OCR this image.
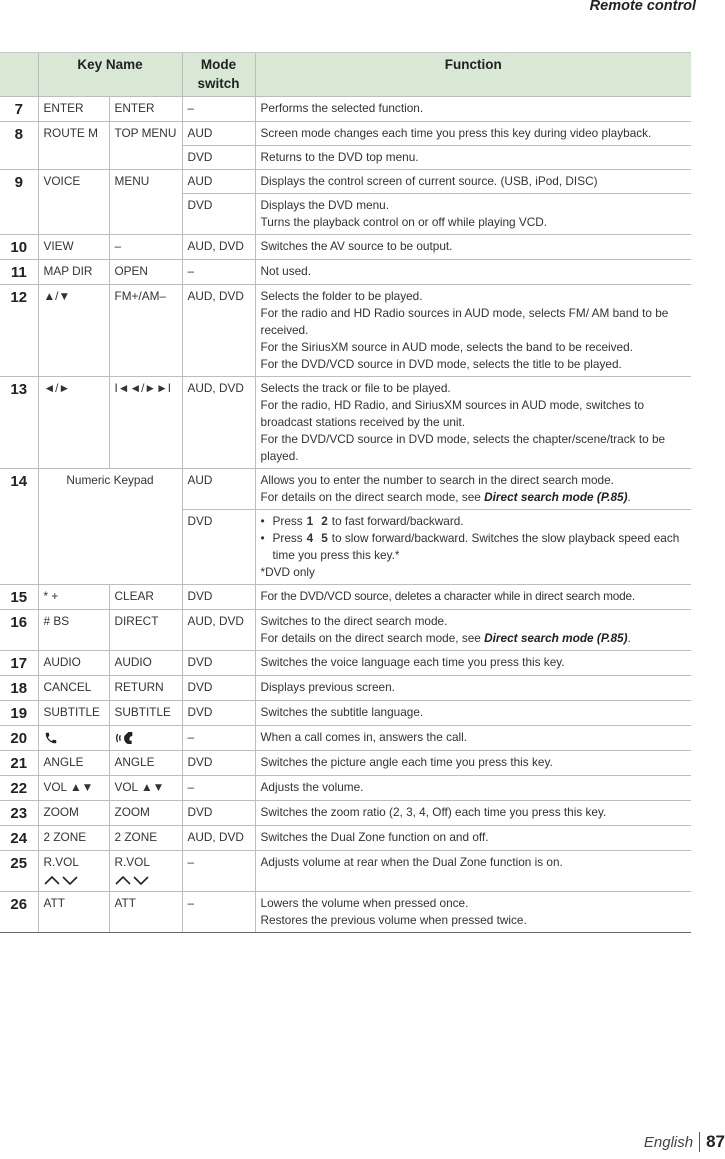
Remote control
	Key Name		Mode switch	Function
7	ENTER	ENTER	–	Performs the selected function.
8	ROUTE M	TOP MENU	AUD	Screen mode changes each time you press this key during video playback.
			DVD	Returns to the DVD top menu.
9	VOICE	MENU	AUD	Displays the control screen of current source. (USB, iPod, DISC)
			DVD	Displays the DVD menu.
Turns the playback control on or off while playing VCD.

10	VIEW	–	AUD, DVD	Switches the AV source to be output.
11	MAP DIR	OPEN	–	Not used.
12	▲/▼	FM+/AM–	AUD, DVD	Selects the folder to be played.
For the radio and HD Radio sources in AUD mode, selects FM/ AM band to be received.
For the SiriusXM source in AUD mode, selects the band to be received.
For the DVD/VCD source in DVD mode, selects the title to be played.

13	◄/►	I◄◄/►►I	AUD, DVD	Selects the track or file to be played.
For the radio, HD Radio, and SiriusXM sources in AUD mode, switches to broadcast stations received by the unit.
For the DVD/VCD source in DVD mode, selects the chapter/scene/track to be played.

14	Numeric Keypad		AUD	Allows you to enter the number to search in the direct search mode.
For details on the direct search mode, see Direct search mode (P.85).

			DVD	• Press 1 2 to fast forward/backward.
• Press 4 5 to slow forward/backward. Switches the slow playback speed each time you press this key.*
*DVD only

15	* +	CLEAR	DVD	For the DVD/VCD source, deletes a character while in direct search mode.
16	# BS	DIRECT	AUD, DVD	Switches to the direct search mode.
For details on the direct search mode, see Direct search mode (P.85).

17	AUDIO	AUDIO	DVD	Switches the voice language each time you press this key.
18	CANCEL	RETURN	DVD	Displays previous screen.
19	SUBTITLE	SUBTITLE	DVD	Switches the subtitle language.
20			–	When a call comes in, answers the call.
21	ANGLE	ANGLE	DVD	Switches the picture angle each time you press this key.
22	VOL ▲▼	VOL ▲▼	–	Adjusts the volume.
23	ZOOM	ZOOM	DVD	Switches the zoom ratio (2, 3, 4, Off) each time you press this key.
24	2 ZONE	2 ZONE	AUD, DVD	Switches the Dual Zone function on and off.
25	R.VOL	R.VOL	–	Adjusts volume at rear when the Dual Zone function is on.
26	ATT	ATT	–	Lowers the volume when pressed once.
Restores the previous volume when pressed twice.
English 87
